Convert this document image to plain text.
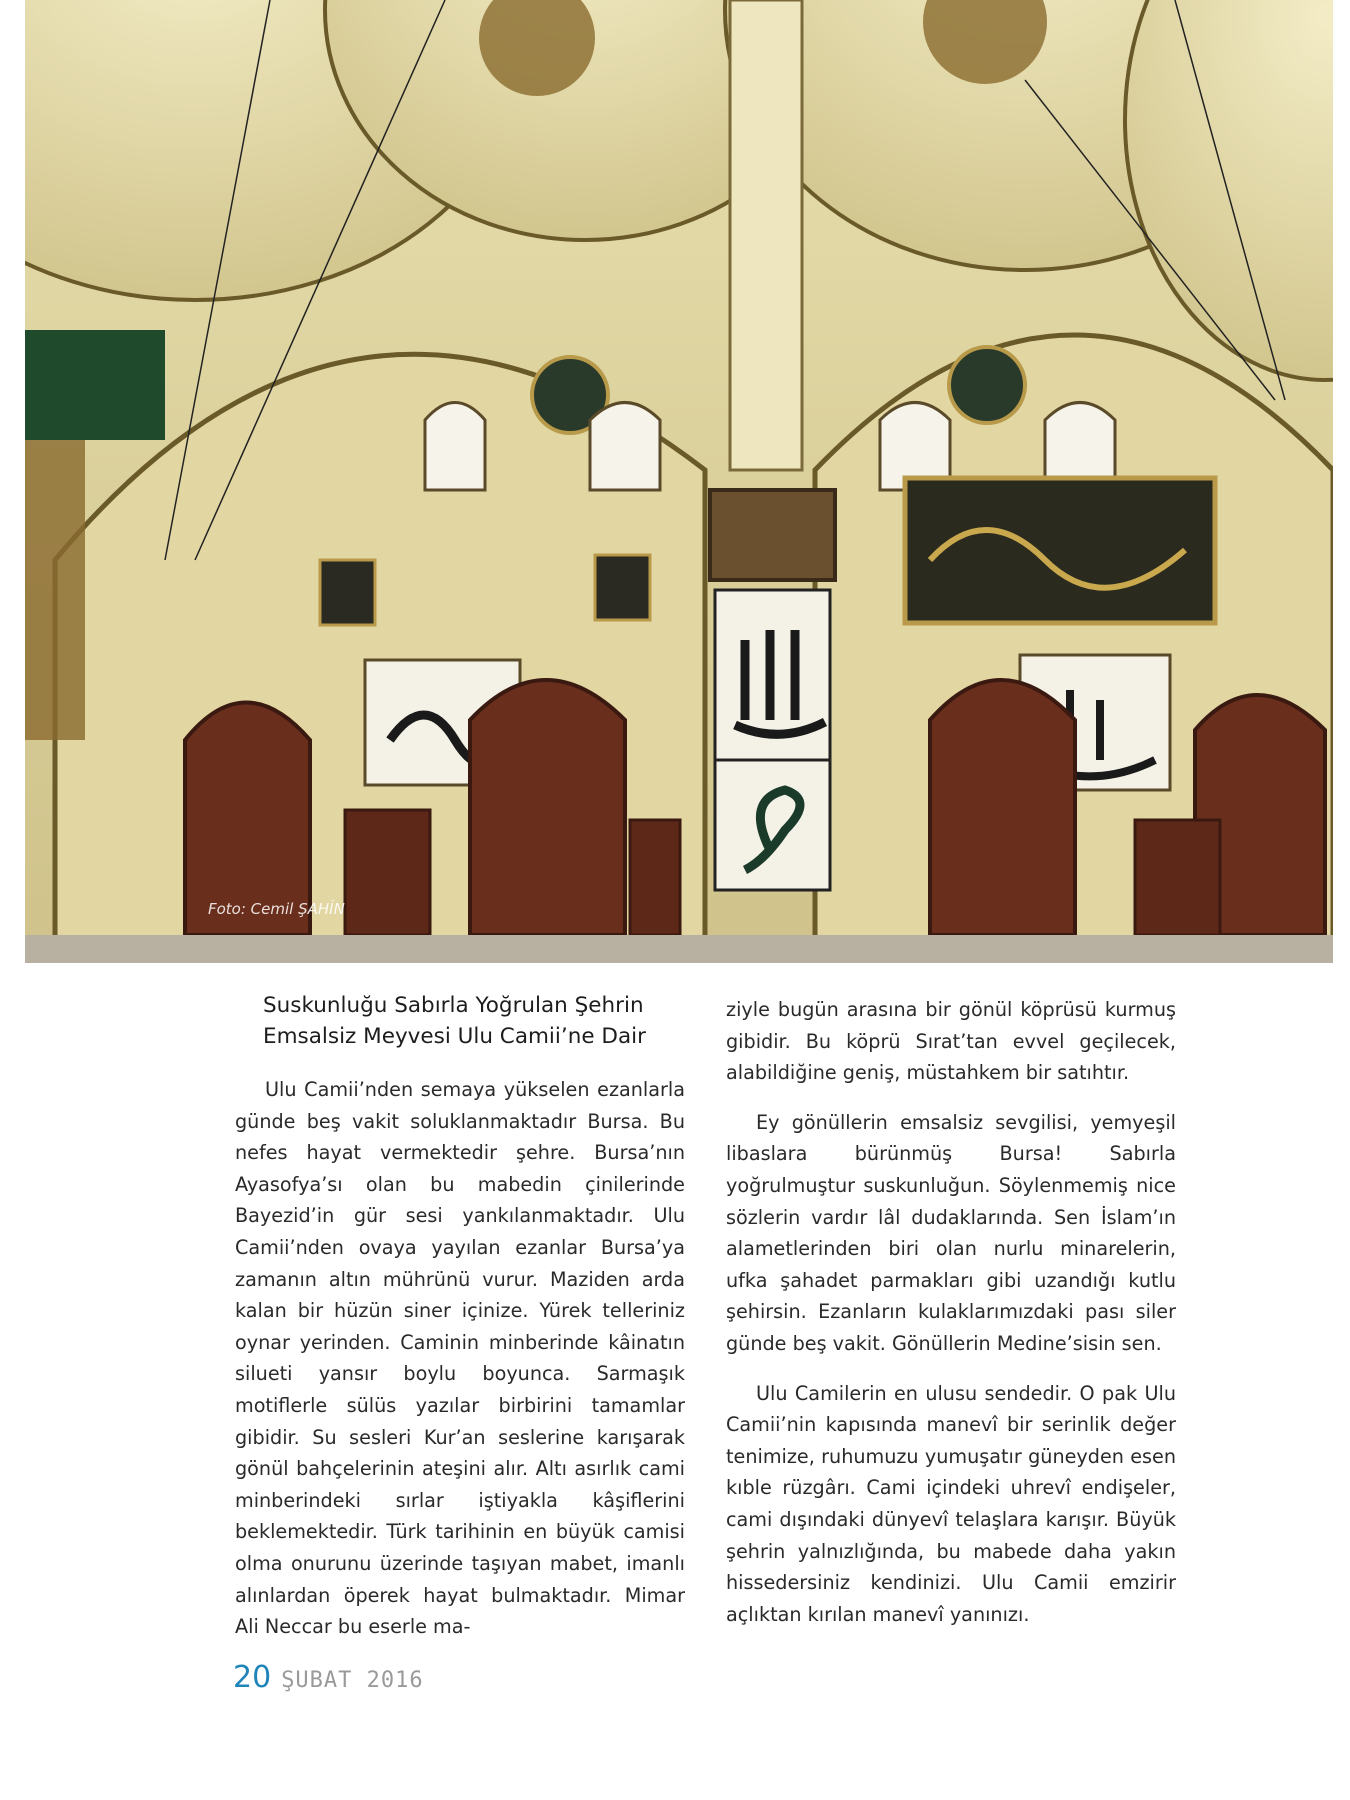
Foto: Cemil ŞAHİN
Suskunluğu Sabırla Yoğrulan Şehrin
Emsalsiz Meyvesi Ulu Camii’ne Dair

Ulu Camii’nden semaya yükselen ezanlarla günde beş vakit soluklanmaktadır Bursa. Bu nefes hayat vermektedir şehre. Bursa’nın Ayasofya’sı olan bu mabedin çinilerinde Bayezid’in gür sesi yankılanmaktadır. Ulu Camii’nden ovaya yayılan ezanlar Bursa’ya zamanın altın mührünü vurur. Maziden arda kalan bir hüzün siner içinize. Yürek telleriniz oynar yerinden. Caminin minberinde kâinatın silueti yansır boylu boyunca. Sarmaşık motiflerle sülüs yazılar birbirini tamamlar gibidir. Su sesleri Kur’an seslerine karışarak gönül bahçelerinin ateşini alır. Altı asırlık cami minberindeki sırlar iştiyakla kâşiflerini beklemektedir. Türk tarihinin en büyük camisi olma onurunu üzerinde taşıyan mabet, imanlı alınlardan öperek hayat bulmaktadır. Mimar Ali Neccar bu eserle ma-

ziyle bugün arasına bir gönül köprüsü kurmuş gibidir. Bu köprü Sırat’tan evvel geçilecek, alabildiğine geniş, müstahkem bir satıhtır.

Ey gönüllerin emsalsiz sevgilisi, yemyeşil libaslara bürünmüş Bursa! Sabırla yoğrulmuştur suskunluğun. Söylenmemiş nice sözlerin vardır lâl dudaklarında. Sen İslam’ın alametlerinden biri olan nurlu minarelerin, ufka şahadet parmakları gibi uzandığı kutlu şehirsin. Ezanların kulaklarımızdaki pası siler günde beş vakit. Gönüllerin Medine’sisin sen.

Ulu Camilerin en ulusu sendedir. O pak Ulu Camii’nin kapısında manevî bir serinlik değer tenimize, ruhumuzu yumuşatır güneyden esen kıble rüzgârı. Cami içindeki uhrevî endişeler, cami dışındaki dünyevî telaşlara karışır. Büyük şehrin yalnızlığında, bu mabede daha yakın hissedersiniz kendinizi. Ulu Camii emzirir açlıktan kırılan manevî yanınızı.

20 ŞUBAT 2016
